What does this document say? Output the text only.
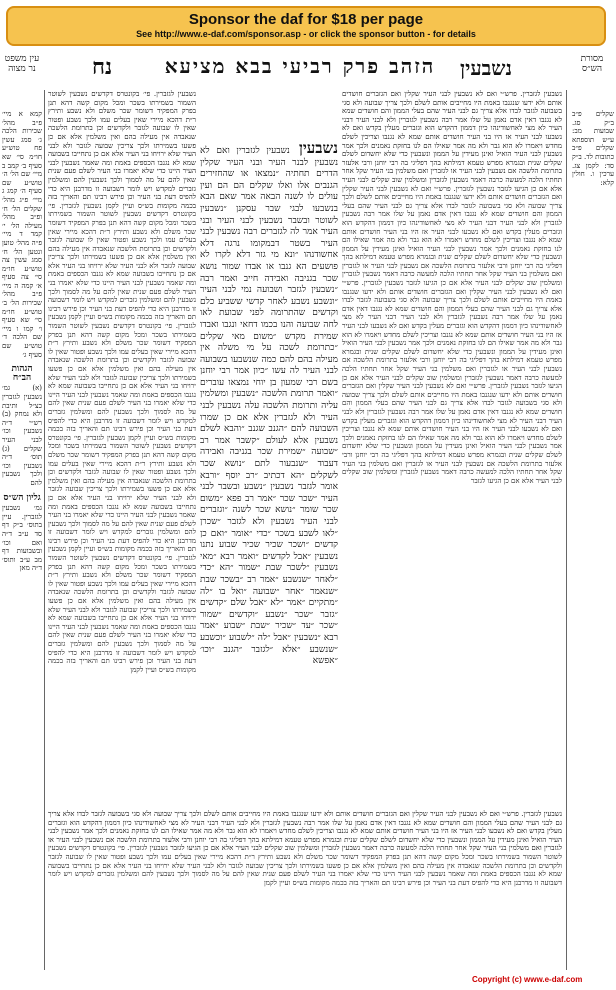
Sponsor the daf for $18 per page
See http://www.e-daf.com/sponsor.asp - or click the sponsor button - for details
מסורת הש״ס
נשבעין
הזהב פרק רביעי בבא מציעא
נח
עין משפט נר מצוה
שקלים פ״ב ב״ק סג. שבועות מב: ע״ש תוספתא שקלים פ״ב כתובות לד. ב״ק סד: לקמן צג. ערכין ו. חולין קלא:
נשבעין לגזברין. פרש״י ואם לא נשבעין לבני העיר שקלין ואם הגזברים חושדים אותם ולא ידעו שנגנבו באמת היו מחייבים אותם לשלם ולכך צריך שבועה ולא סגי בשבועה לגזבר לבדו אלא צריך גם לבני העיר שהם בעלי הממון והם חושדים שמא לא נגנבו דאין אדם נאמן על שלו אמר רבה נשבעין לגזברין ולא לבני העיר דבני העיר לא מצי לאחשודינהו כיון דממון דהקדש הוא וגזברים מעלין בקדש ואם לא נשבעו לבני העיר אז היו בני העיר חושדים אותם שמא לא נגנבו וצריכין לשלם מחדש ויאמרו לא הוא גבר ולא מה אמר שאילו הם לנו בחזקת נאמנים ולכך אמר נשבעין לבני העיר הואיל ואינן מעידין על הממון ונשבעין כדי שלא יחשדום לשלם שקלים שנית ובגמרא מפרש טעמא דמילתא בהך דפליגי בה רבי יוחנן ורבי אלעזר בתרומת הלשכה אם נשבעין לבני העיר או לגזברין ואם משלמין בני העיר שקל אחר תחתיו הלכה למעשה כרבה דאמר נשבעין לגזברין ומשלמין שוב שקלים לבני העיר אלא אם כן הגיעו לגזבר נשבעין לגזברין. פרש״י ואם לא נשבעין לבני העיר שקלין ואם הגזברים חושדים אותם ולא ידעו שנגנבו באמת היו מחייבים אותם לשלם ולכך צריך שבועה ולא סגי בשבועה לגזבר לבדו אלא צריך גם לבני העיר שהם בעלי הממון והם חושדים שמא לא נגנבו דאין אדם נאמן על שלו אמר רבה נשבעין לגזברין ולא לבני העיר דבני העיר לא מצי לאחשודינהו כיון דממון דהקדש הוא וגזברים מעלין בקדש ואם לא נשבעו לבני העיר אז היו בני העיר חושדים אותם שמא לא נגנבו וצריכין לשלם מחדש ויאמרו לא הוא גבר ולא מה אמר שאילו הם לנו בחזקת נאמנים ולכך אמר נשבעין לבני העיר הואיל ואינן מעידין על הממון ונשבעין כדי שלא יחשדום לשלם שקלים שנית ובגמרא מפרש טעמא דמילתא בהך דפליגי בה רבי יוחנן ורבי אלעזר בתרומת הלשכה אם נשבעין לבני העיר או לגזברין ואם משלמין בני העיר שקל אחר תחתיו הלכה למעשה כרבה דאמר נשבעין לגזברין ומשלמין שוב שקלים לבני העיר אלא אם כן הגיעו לגזבר נשבעין לגזברין. פרש״י ואם לא נשבעין לבני העיר שקלין ואם הגזברים חושדים אותם ולא ידעו שנגנבו באמת היו מחייבים אותם לשלם ולכך צריך שבועה ולא סגי בשבועה לגזבר לבדו אלא צריך גם לבני העיר שהם בעלי הממון והם חושדים שמא לא נגנבו דאין אדם נאמן על שלו אמר רבה נשבעין לגזברין ולא לבני העיר דבני העיר לא מצי לאחשודינהו כיון דממון דהקדש הוא וגזברים מעלין בקדש ואם לא נשבעו לבני העיר אז היו בני העיר חושדים אותם שמא לא נגנבו וצריכין לשלם מחדש ויאמרו לא הוא גבר ולא מה אמר שאילו הם לנו בחזקת נאמנים ולכך אמר נשבעין לבני העיר הואיל ואינן מעידין על הממון ונשבעין כדי שלא יחשדום לשלם שקלים שנית ובגמרא מפרש טעמא דמילתא בהך דפליגי בה רבי יוחנן ורבי אלעזר בתרומת הלשכה אם נשבעין לבני העיר או לגזברין ואם משלמין בני העיר שקל אחר תחתיו הלכה למעשה כרבה דאמר נשבעין לגזברין ומשלמין שוב שקלים לבני העיר אלא אם כן הגיעו לגזבר נשבעין לגזברין. פרש״י ואם לא נשבעין לבני העיר שקלין ואם הגזברים חושדים אותם ולא ידעו שנגנבו באמת היו מחייבים אותם לשלם ולכך צריך שבועה ולא סגי בשבועה לגזבר לבדו אלא צריך גם לבני העיר שהם בעלי הממון והם חושדים שמא לא נגנבו דאין אדם נאמן על שלו אמר רבה נשבעין לגזברין ולא לבני העיר דבני העיר לא מצי לאחשודינהו כיון דממון דהקדש הוא וגזברים מעלין בקדש ואם לא נשבעו לבני העיר אז היו בני העיר חושדים אותם שמא לא נגנבו וצריכין לשלם מחדש ויאמרו לא הוא גבר ולא מה אמר שאילו הם לנו בחזקת נאמנים ולכך אמר נשבעין לבני העיר הואיל ואינן מעידין על הממון ונשבעין כדי שלא יחשדום לשלם שקלים שנית ובגמרא מפרש טעמא דמילתא בהך דפליגי בה רבי יוחנן ורבי אלעזר בתרומת הלשכה אם נשבעין לבני העיר או לגזברין ואם משלמין בני העיר שקל אחר תחתיו הלכה למעשה כרבה דאמר נשבעין לגזברין ומשלמין שוב שקלים לבני העיר אלא אם כן הגיעו לגזבר
נשבעין נשבעין לגזברין ואם לא נשבעין לבנר העיר ובני העיר שקלין הדרים תחתיה ״נמצאו או שהחזירים הגנבים אלו ואלו שקלים הם הם ועין עולים לו לשנה הבאה אמר שאם הבא בנשבעו לבגי שבר עסקנן ״נשבעין לשוטר ובשבר נשבעין לבני העיר ובני העיר אמר לה לגזברים רבה נשבעין לבני העיר בשטר דבמקומו נרגה דלא אחשודנהו ״ונא מי גזר דלא לקרו לא פושעים הא גנבו או אבדו שמור נושא שכר בגניבה ואבידה חייב ואמר רבה ״נשבעין לגזבר ושבועה נמי לבני העיר ״ונשבע נשבע לאחר קדשי ששביע כלם וקדשים שהתרומה לפני שבועת לאו לחה שבועה והנו בכמו דחאי ונגבו ואבדו שמירת מקדש ״משום מאי שקלים ״כתרומת לשכה על מי משלה אין מעילה בהם להם כמה שנשבעו בשבועה לבני העיר לה עשו ״כיון אמר רבי יוחנן בשם רבי שמעון בן יוחי נמצאו עוברים ״ואמר תרומת הלשכה ״נשבעין ומשלמין עליה ותרומת הלשכה עלה נשבעין לבני העיר ולא לגזברין אלא אם כן שמרו השבועה להם ״הגנב שגנב ״והבא לשלם נשבעין אלא לעולם ״קשבר אמר רב ״שבועה ״שמירת שכר בגניבה ואבידה דעבוד ״שנבעור לתם ״נושא שכר לשקלים ״הא דכתיב ״רב יוסף ״ורבא אומר לגזבר נשבעין ״נשבע ובשבר לבני העיר ״שכר שכר ״אמר רב פפא ״משום שכר שומר ״נושא שכר לשנה ״וגזברים לבני העיר נשבעין ולא לגזבר ״שכרן ״לאו לשבע בשכר ״כדי ״אומר ״ואם כן קדשים ״ושכר שכיר שכיר שבוע נתנו נשבעין ״אבל לקדשים ״ואמר רבא ״מאי נשבעין ״לשכר שבת ״שמור ״הא ״כדי ״לאחר ״שנשבע ״אמר רב ״בשכר שבת ״שנאמר ״אחר ״שבועה ״ואל בו ״לה ״מתקיים ״אמר ״לא ״אבל שלם ״קדשים ״גזבר ״שכר ״נשבע ״וקדשים ״שמור ״שכר ״עד ״שכיר ״שבת ״שבוע ״אמר רבא ״נשבעין ״אבל ״לה ״לשבוע ״וכשבע ״שנשבע ״אלא ״לגזבר ״הגנב ״וכו׳ ״אפשא
נשבעין לגזברין. פי׳ בקונטרס דקדשים נשבעין לשוטר השמור בשמירתו בשכר ומכל מקום קשה דהא תנן בפרק המפקיד דשומר שכר משלם ולא נשבע ותירץ ר״ת דהכא מיירי שאין בעלים עמו ולכך נשבע ופטור שאין לו שבועה לגזבר ולקדשים וכן בתרומת הלשכה שנאבדה אין מעילה בהם ואין משלמין אלא אם כן פשעו בשמירתו ולכך צריכין שבועה לגזבר ולא לבני העיר שלא ירויחו בני העיר אלא אם כן נתחייבו בשבועה שמא לא נגנבו הכספים באמת ומה שאמר נשבעין לבני העיר היינו כדי שלא יאמרו בני העיר לשלם פעם שנית שאין להם על מה לסמוך ולכך נשבעין להם ומשלמין גזברים למקדש ויש לומר דשבועה זו מדרבנן היא כדי להפיס דעת בני העיר וכן פירש רבינו תם והאריך בזה בכמה מקומות בש״ס ועיין לקמן נשבעין לגזברין. פי׳ בקונטרס דקדשים נשבעין לשוטר השמור בשמירתו בשכר ומכל מקום קשה דהא תנן בפרק המפקיד דשומר שכר משלם ולא נשבע ותירץ ר״ת דהכא מיירי שאין בעלים עמו ולכך נשבע ופטור שאין לו שבועה לגזבר ולקדשים וכן בתרומת הלשכה שנאבדה אין מעילה בהם ואין משלמין אלא אם כן פשעו בשמירתו ולכך צריכין שבועה לגזבר ולא לבני העיר שלא ירויחו בני העיר אלא אם כן נתחייבו בשבועה שמא לא נגנבו הכספים באמת ומה שאמר נשבעין לבני העיר היינו כדי שלא יאמרו בני העיר לשלם פעם שנית שאין להם על מה לסמוך ולכך נשבעין להם ומשלמין גזברים למקדש ויש לומר דשבועה זו מדרבנן היא כדי להפיס דעת בני העיר וכן פירש רבינו תם והאריך בזה בכמה מקומות בש״ס ועיין לקמן נשבעין לגזברין. פי׳ בקונטרס דקדשים נשבעין לשוטר השמור בשמירתו בשכר ומכל מקום קשה דהא תנן בפרק המפקיד דשומר שכר משלם ולא נשבע ותירץ ר״ת דהכא מיירי שאין בעלים עמו ולכך נשבע ופטור שאין לו שבועה לגזבר ולקדשים וכן בתרומת הלשכה שנאבדה אין מעילה בהם ואין משלמין אלא אם כן פשעו בשמירתו ולכך צריכין שבועה לגזבר ולא לבני העיר שלא ירויחו בני העיר אלא אם כן נתחייבו בשבועה שמא לא נגנבו הכספים באמת ומה שאמר נשבעין לבני העיר היינו כדי שלא יאמרו בני העיר לשלם פעם שנית שאין להם על מה לסמוך ולכך נשבעין להם ומשלמין גזברים למקדש ויש לומר דשבועה זו מדרבנן היא כדי להפיס דעת בני העיר וכן פירש רבינו תם והאריך בזה בכמה מקומות בש״ס ועיין לקמן נשבעין לגזברין. פי׳ בקונטרס דקדשים נשבעין לשוטר השמור בשמירתו בשכר ומכל מקום קשה דהא תנן בפרק המפקיד דשומר שכר משלם ולא נשבע ותירץ ר״ת דהכא מיירי שאין בעלים עמו ולכך נשבע ופטור שאין לו שבועה לגזבר ולקדשים וכן בתרומת הלשכה שנאבדה אין מעילה בהם ואין משלמין אלא אם כן פשעו בשמירתו ולכך צריכין שבועה לגזבר ולא לבני העיר שלא ירויחו בני העיר אלא אם כן נתחייבו בשבועה שמא לא נגנבו הכספים באמת ומה שאמר נשבעין לבני העיר היינו כדי שלא יאמרו בני העיר לשלם פעם שנית שאין להם על מה לסמוך ולכך נשבעין להם ומשלמין גזברים למקדש ויש לומר דשבועה זו מדרבנן היא כדי להפיס דעת בני העיר וכן פירש רבינו תם והאריך בזה בכמה מקומות בש״ס ועיין לקמן נשבעין לגזברין. פי׳ בקונטרס דקדשים נשבעין לשוטר השמור בשמירתו בשכר ומכל מקום קשה דהא תנן בפרק המפקיד דשומר שכר משלם ולא נשבע ותירץ ר״ת דהכא מיירי שאין בעלים עמו ולכך נשבע ופטור שאין לו שבועה לגזבר ולקדשים וכן בתרומת הלשכה שנאבדה אין מעילה בהם ואין משלמין אלא אם כן פשעו בשמירתו ולכך צריכין שבועה לגזבר ולא לבני העיר שלא ירויחו בני העיר אלא אם כן נתחייבו בשבועה שמא לא נגנבו הכספים באמת ומה שאמר נשבעין לבני העיר היינו כדי שלא יאמרו בני העיר לשלם פעם שנית שאין להם על מה לסמוך ולכך נשבעין להם ומשלמין גזברים למקדש ויש לומר דשבועה זו מדרבנן היא כדי להפיס דעת בני העיר וכן פירש רבינו תם והאריך בזה בכמה מקומות בש״ס ועיין לקמן
קמא א מיי׳ פ״ב מהל׳ שכירות הלכה ג׳ סמג עשין פח טוש״ע חו״מ סי׳ שא סעיף ב׳ קמב ב מיי׳ שם הל׳ ה׳ טוש״ע שם סעיף ה׳ קמג ג מיי׳ פ״ג מהל׳ שקלים הל׳ ח׳ ופ״ב מהל׳ מעילה הל׳ י׳ קמד ד מיי׳ פ״ה מהל׳ טוען ונטען הל׳ ח׳ סמג עשין צה טוש״ע חו״מ סי׳ צה סעיף א׳ קמה ה מיי׳ פ״ב מהל׳ שכירות הל׳ ב׳ טוש״ע חו״מ סי׳ שא סעיף ו׳ קמו ו מיי׳ שם הלכה ד׳ טוש״ע שם סעיף ג׳
הגהות הב״ח
(א) גמ׳ נשבעין לגזברין כצ״ל ותיבת ולא נמחק (ב) רש״י ד״ה נשבעין וכו׳ לבני העיר שקלים (ג) תוס׳ ד״ה נשבעין וכו׳ ולכך נשבעין להם
גליון הש״ס
גמ׳ נשבעין לגזברין. עיין בתוס׳ ב״ק דף סד ע״ב ד״ה ואם וכו׳ ובשבועות דף מב ע״ב ותוס׳ ד״ה מאן
נשבעין לגזברין. פרש״י ואם לא נשבעין לבני העיר שקלין ואם הגזברים חושדים אותם ולא ידעו שנגנבו באמת היו מחייבים אותם לשלם ולכך צריך שבועה ולא סגי בשבועה לגזבר לבדו אלא צריך גם לבני העיר שהם בעלי הממון והם חושדים שמא לא נגנבו דאין אדם נאמן על שלו אמר רבה נשבעין לגזברין ולא לבני העיר דבני העיר לא מצי לאחשודינהו כיון דממון דהקדש הוא וגזברים מעלין בקדש ואם לא נשבעו לבני העיר אז היו בני העיר חושדים אותם שמא לא נגנבו וצריכין לשלם מחדש ויאמרו לא הוא גבר ולא מה אמר שאילו הם לנו בחזקת נאמנים ולכך אמר נשבעין לבני העיר הואיל ואינן מעידין על הממון ונשבעין כדי שלא יחשדום לשלם שקלים שנית ובגמרא מפרש טעמא דמילתא בהך דפליגי בה רבי יוחנן ורבי אלעזר בתרומת הלשכה אם נשבעין לבני העיר או לגזברין ואם משלמין בני העיר שקל אחר תחתיו הלכה למעשה כרבה דאמר נשבעין לגזברין ומשלמין שוב שקלים לבני העיר אלא אם כן הגיעו לגזבר נשבעין לגזברין. פי׳ בקונטרס דקדשים נשבעין לשוטר השמור בשמירתו בשכר ומכל מקום קשה דהא תנן בפרק המפקיד דשומר שכר משלם ולא נשבע ותירץ ר״ת דהכא מיירי שאין בעלים עמו ולכך נשבע ופטור שאין לו שבועה לגזבר ולקדשים וכן בתרומת הלשכה שנאבדה אין מעילה בהם ואין משלמין אלא אם כן פשעו בשמירתו ולכך צריכין שבועה לגזבר ולא לבני העיר שלא ירויחו בני העיר אלא אם כן נתחייבו בשבועה שמא לא נגנבו הכספים באמת ומה שאמר נשבעין לבני העיר היינו כדי שלא יאמרו בני העיר לשלם פעם שנית שאין להם על מה לסמוך ולכך נשבעין להם ומשלמין גזברים למקדש ויש לומר דשבועה זו מדרבנן היא כדי להפיס דעת בני העיר וכן פירש רבינו תם והאריך בזה בכמה מקומות בש״ס ועיין לקמן
Copyright (c) www.e-daf.com
